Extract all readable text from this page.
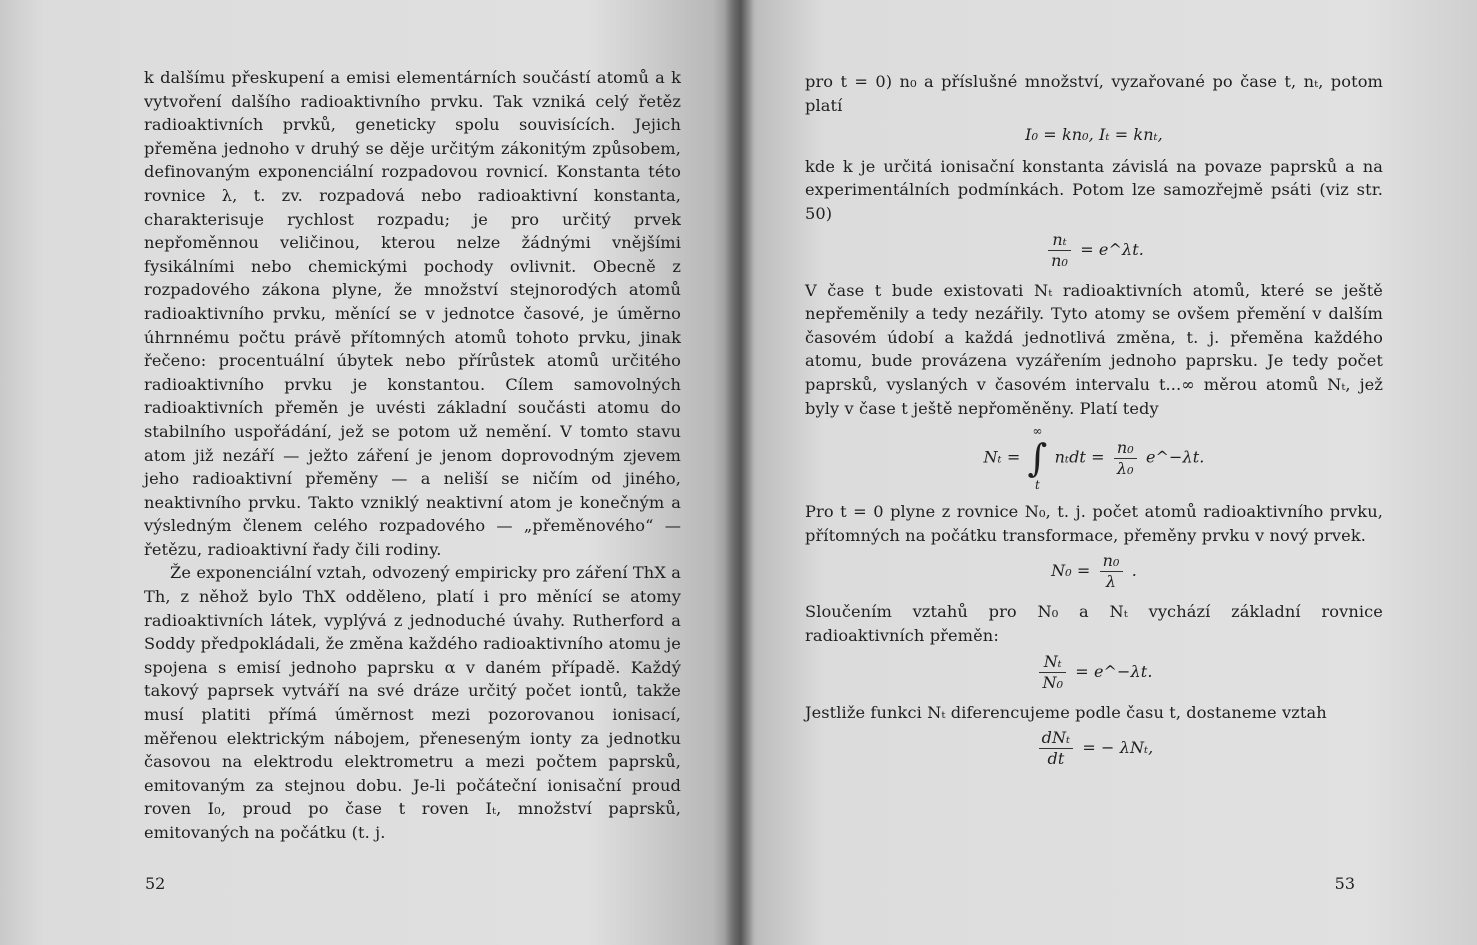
k dalšímu přeskupení a emisi elementárních součástí atomů a k vytvoření dalšího radioaktivního prvku. Tak vzniká celý řetěz radioaktivních prvků, geneticky spolu souvisících. Jejich přeměna jednoho v druhý se děje určitým zákonitým způsobem, definovaným exponenciální rozpadovou rovnicí. Konstanta této rovnice λ, t. zv. rozpadová nebo radioaktivní konstanta, charakterisuje rychlost rozpadu; je pro určitý prvek nepřoměnnou veličinou, kterou nelze žádnými vnějšími fysikálními nebo chemickými pochody ovlivnit. Obecně z rozpadového zákona plyne, že množství stejnorodých atomů radioaktivního prvku, měnící se v jednotce časové, je úměrno úhrnnému počtu právě přítomných atomů tohoto prvku, jinak řečeno: procentuální úbytek nebo přírůstek atomů určitého radioaktivního prvku je konstantou. Cílem samovolných radioaktivních přeměn je uvésti základní součásti atomu do stabilního uspořádání, jež se potom už nemění. V tomto stavu atom již nezáří — ježto záření je jenom doprovodným zjevem jeho radioaktivní přeměny — a neliší se ničím od jiného, neaktivního prvku. Takto vzniklý neaktivní atom je konečným a výsledným členem celého rozpadového — „přeměnového“ — řetězu, radioaktivní řady čili rodiny.

Že exponenciální vztah, odvozený empiricky pro záření ThX a Th, z něhož bylo ThX odděleno, platí i pro měnící se atomy radioaktivních látek, vyplývá z jednoduché úvahy. Rutherford a Soddy předpokládali, že změna každého radioaktivního atomu je spojena s emisí jednoho paprsku α v daném případě. Každý takový paprsek vytváří na své dráze určitý počet iontů, takže musí platiti přímá úměrnost mezi pozorovanou ionisací, měřenou elektrickým nábojem, přeneseným ionty za jednotku časovou na elektrodu elektrometru a mezi počtem paprsků, emitovaným za stejnou dobu. Je-li počáteční ionisační proud roven I₀, proud po čase t roven Iₜ, množství paprsků, emitovaných na počátku (t. j.

52

pro t = 0) n₀ a příslušné množství, vyzařované po čase t, nₜ, potom platí

I₀ = kn₀, Iₜ = knₜ,

kde k je určitá ionisační konstanta závislá na povaze paprsků a na experimentálních podmínkách. Potom lze samozřejmě psáti (viz str. 50)

$\frac{\text{nₜ}}{\text{n₀}}$ = e^λt.

V čase t bude existovati Nₜ radioaktivních atomů, které se ještě nepřeměnily a tedy nezářily. Tyto atomy se ovšem přemění v dalším časovém údobí a každá jednotlivá změna, t. j. přeměna každého atomu, bude provázena vyzářením jednoho paprsku. Je tedy počet paprsků, vyslaných v časovém intervalu t...∞ měrou atomů Nₜ, jež byly v čase t ještě nepřoměněny. Platí tedy

Nₜ =
∞
∫
t
$n_tdt = \frac{\text{n₀}}{\text{λ₀}}$ e^−λt.

Pro t = 0 plyne z rovnice N₀, t. j. počet atomů radioaktivního prvku, přítomných na počátku transformace, přeměny prvku v nový prvek.

$N_0 = \frac{\text{n₀}}{\lambda}$ .

Sloučením vztahů pro N₀ a Nₜ vychází základní rovnice radioaktivních přeměn:

$\frac{\text{Nₜ}}{\text{N₀}}$ = e^−λt.

Jestliže funkci Nₜ diferencujeme podle času t, dostaneme vztah

$\frac{\text{dNₜ}}{dt}$ = − λNₜ,
53
